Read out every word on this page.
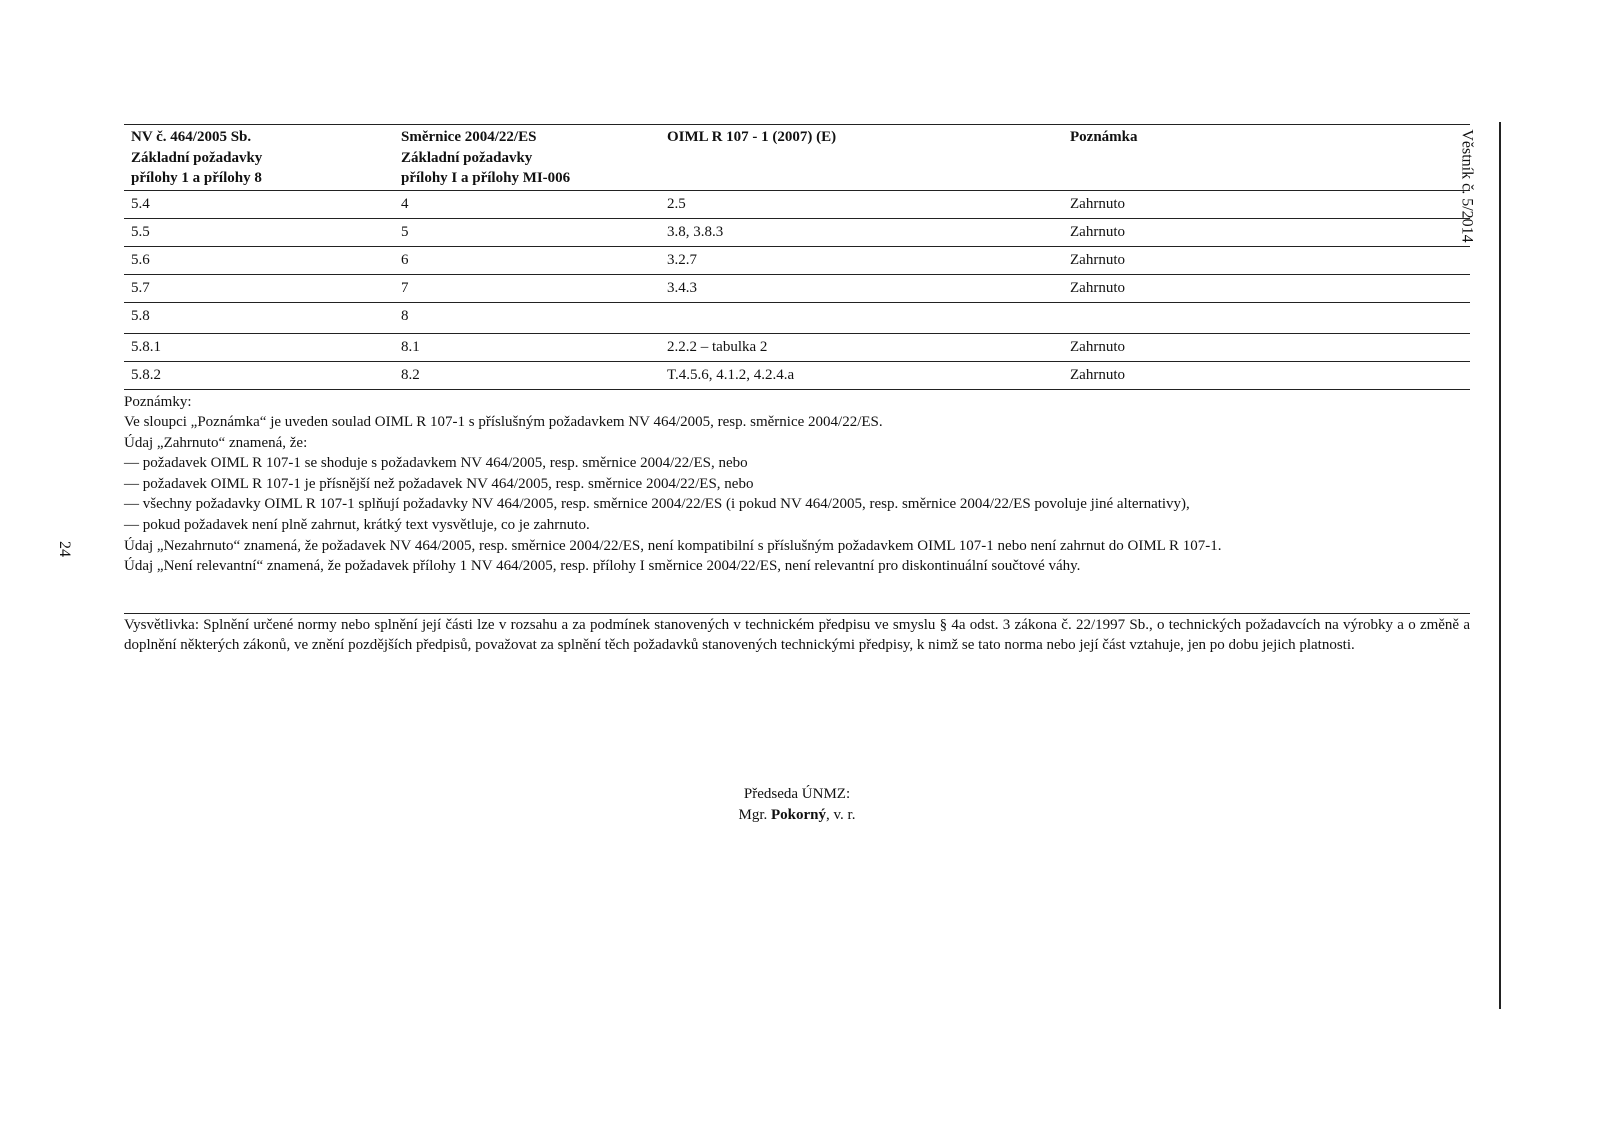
24
Věstník č. 5/2014
NV č. 464/2005 Sb.
Základní požadavky
přílohy 1 a přílohy 8	Směrnice 2004/22/ES
Základní požadavky
přílohy I a přílohy MI-006	OIML R 107 - 1 (2007) (E)	Poznámka
5.4	4	2.5	Zahrnuto
5.5	5	3.8, 3.8.3	Zahrnuto
5.6	6	3.2.7	Zahrnuto
5.7	7	3.4.3	Zahrnuto
5.8	8		
5.8.1	8.1	2.2.2 – tabulka 2	Zahrnuto
5.8.2	8.2	T.4.5.6, 4.1.2, 4.2.4.a	Zahrnuto

Poznámky:

Ve sloupci „Poznámka“ je uveden soulad OIML R 107-1 s příslušným požadavkem NV 464/2005, resp. směrnice 2004/22/ES.

Údaj „Zahrnuto“ znamená, že:

— požadavek OIML R 107-1 se shoduje s požadavkem NV 464/2005, resp. směrnice 2004/22/ES, nebo

— požadavek OIML R 107-1 je přísnější než požadavek NV 464/2005, resp. směrnice 2004/22/ES, nebo

— všechny požadavky OIML R 107-1 splňují požadavky NV 464/2005, resp. směrnice 2004/22/ES (i pokud NV 464/2005, resp. směrnice 2004/22/ES povoluje jiné alternativy),

— pokud požadavek není plně zahrnut, krátký text vysvětluje, co je zahrnuto.

Údaj „Nezahrnuto“ znamená, že požadavek NV 464/2005, resp. směrnice 2004/22/ES, není kompatibilní s příslušným požadavkem OIML 107-1 nebo není zahrnut do OIML R 107-1.

Údaj „Není relevantní“ znamená, že požadavek přílohy 1 NV 464/2005, resp. přílohy I směrnice 2004/22/ES, není relevantní pro diskontinuální součtové váhy.

Vysvětlivka: Splnění určené normy nebo splnění její části lze v rozsahu a za podmínek stanovených v technickém předpisu ve smyslu § 4a odst. 3 zákona č. 22/1997 Sb., o technických požadavcích na výrobky a o změně a doplnění některých zákonů, ve znění pozdějších předpisů, považovat za splnění těch požadavků stanovených technickými předpisy, k nimž se tato norma nebo její část vztahuje, jen po dobu jejich platnosti.

Předseda ÚNMZ:

Mgr. Pokorný, v. r.
